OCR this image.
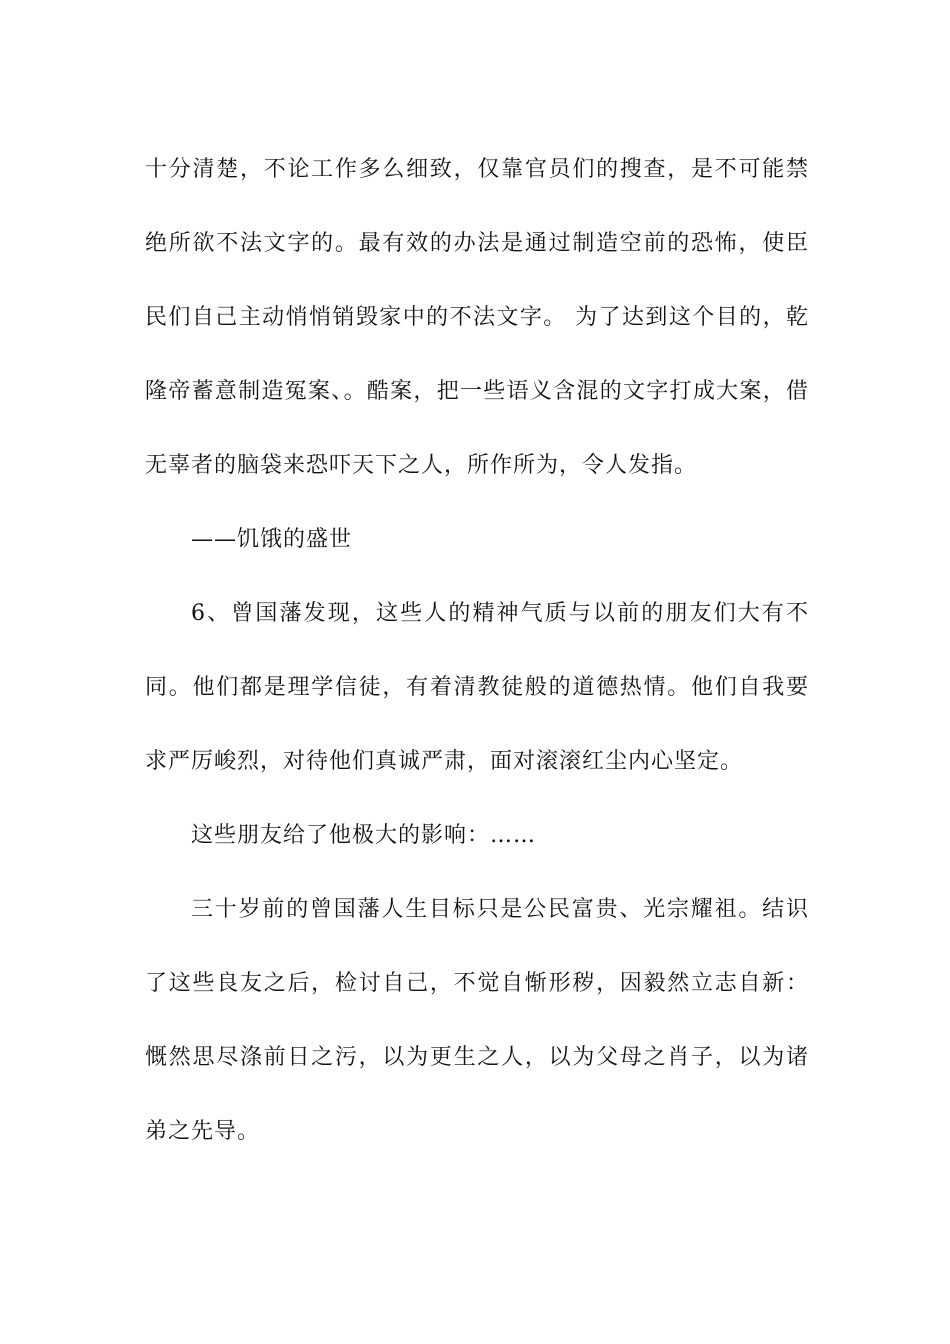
十分清楚，不论工作多么细致，仅靠官员们的搜查，是不可能禁绝所欲不法文字的。最有效的办法是通过制造空前的恐怖，使臣民们自己主动悄悄销毁家中的不法文字。 为了达到这个目的，乾隆帝蓄意制造冤案、。酷案，把一些语义含混的文字打成大案，借无辜者的脑袋来恐吓天下之人，所作所为，令人发指。

——饥饿的盛世

6、曾国藩发现，这些人的精神气质与以前的朋友们大有不同。他们都是理学信徒，有着清教徒般的道德热情。他们自我要求严厉峻烈，对待他们真诚严肃，面对滚滚红尘内心坚定。

这些朋友给了他极大的影响：……

三十岁前的曾国藩人生目标只是公民富贵、光宗耀祖。结识了这些良友之后，检讨自己，不觉自惭形秽，因毅然立志自新：慨然思尽涤前日之污，以为更生之人，以为父母之肖子，以为诸弟之先导。
